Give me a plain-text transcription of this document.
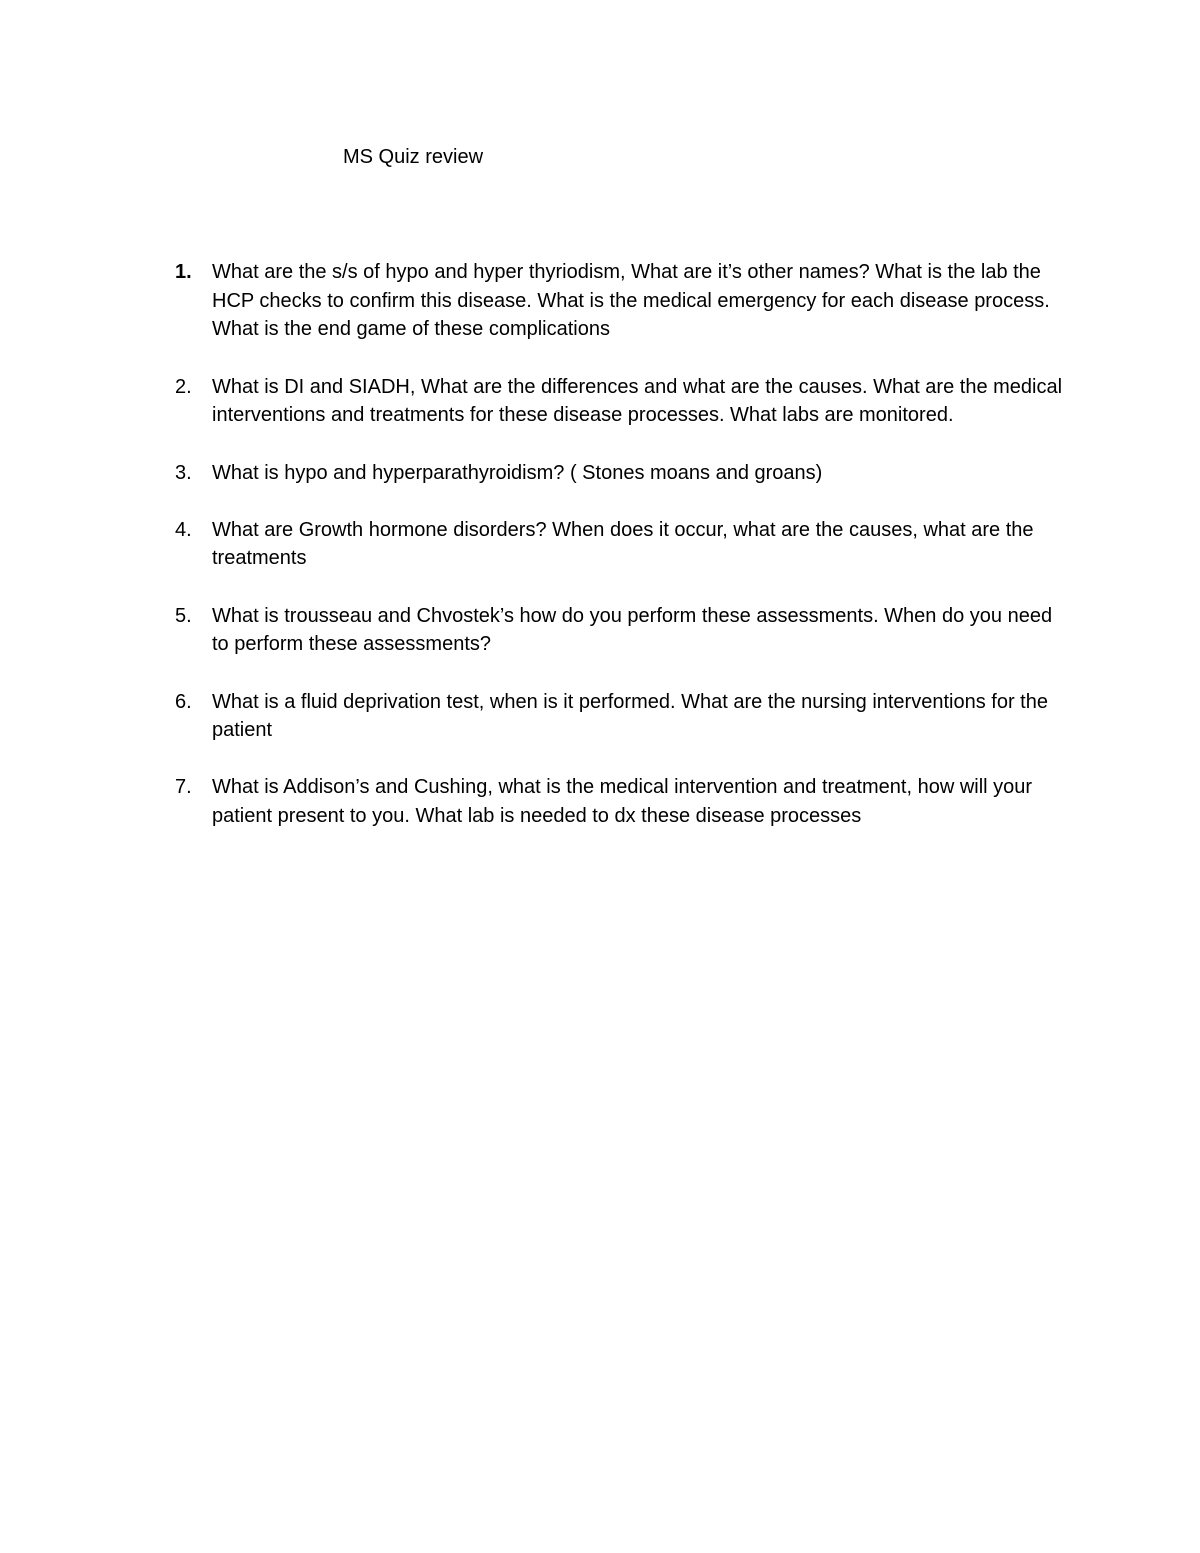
MS Quiz review
1.	What are the s/s of hypo and hyper thyriodism, What are it’s other names? What is the lab the HCP checks to confirm this disease. What is the medical emergency for each disease process. What is the end game of these complications
2.	What is DI and SIADH, What are the differences and what are the causes. What are the medical interventions and treatments for these disease processes. What labs are monitored.
3.	What is hypo and hyperparathyroidism? ( Stones moans and groans)
4.	What are Growth hormone disorders? When does it occur, what are the causes, what are the treatments
5.	What is trousseau and Chvostek’s how do you perform these assessments. When do you need to perform these assessments?
6.	What is a fluid deprivation test, when is it performed. What are the nursing interventions for the patient
7.	What is Addison’s and Cushing, what is the medical intervention and treatment, how will your patient present to you. What lab is needed to dx these disease processes
